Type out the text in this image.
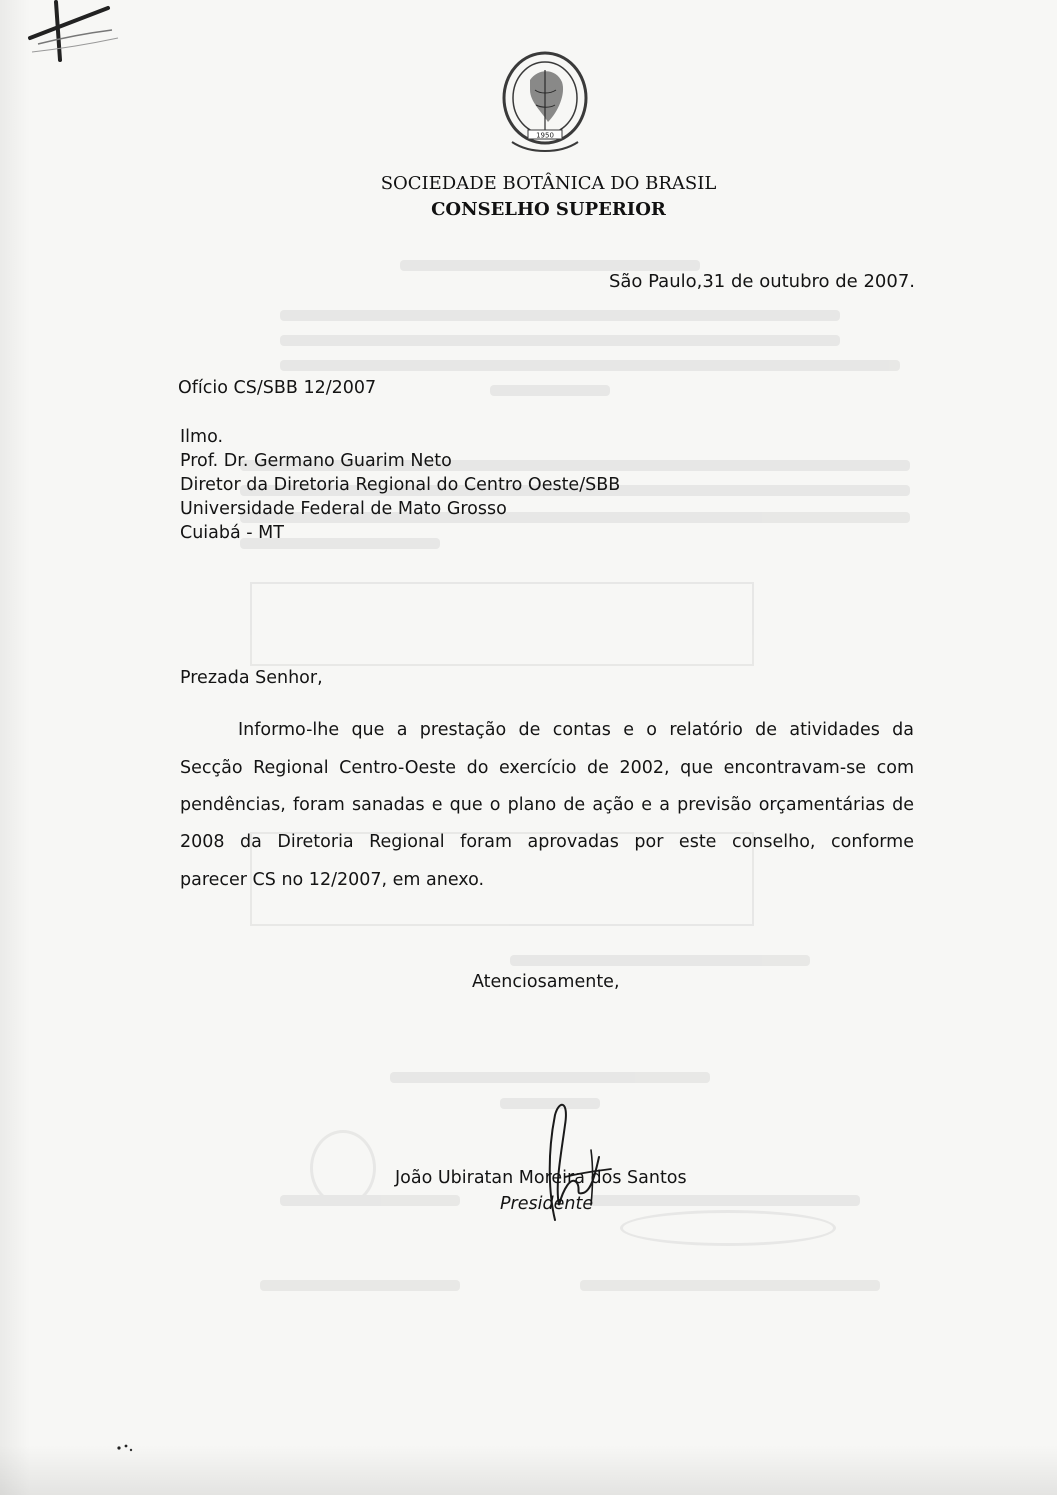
1950
SOCIEDADE BOTÂNICA DO BRASIL
CONSELHO SUPERIOR
São Paulo,31 de outubro de 2007.
Ofício CS/SBB 12/2007
Ilmo.
Prof. Dr. Germano Guarim Neto
Diretor da Diretoria Regional do Centro Oeste/SBB
Universidade Federal de Mato Grosso
Cuiabá - MT
Prezada Senhor,
Informo-lhe que a prestação de contas e o relatório de atividades da
Secção Regional Centro-Oeste do exercício de 2002, que encontravam-se com
pendências, foram sanadas e que o plano de ação e a previsão orçamentárias de
2008 da Diretoria Regional foram aprovadas por este conselho, conforme
parecer CS no 12/2007, em anexo.
Atenciosamente,
João Ubiratan Moreira dos Santos
Presidente
